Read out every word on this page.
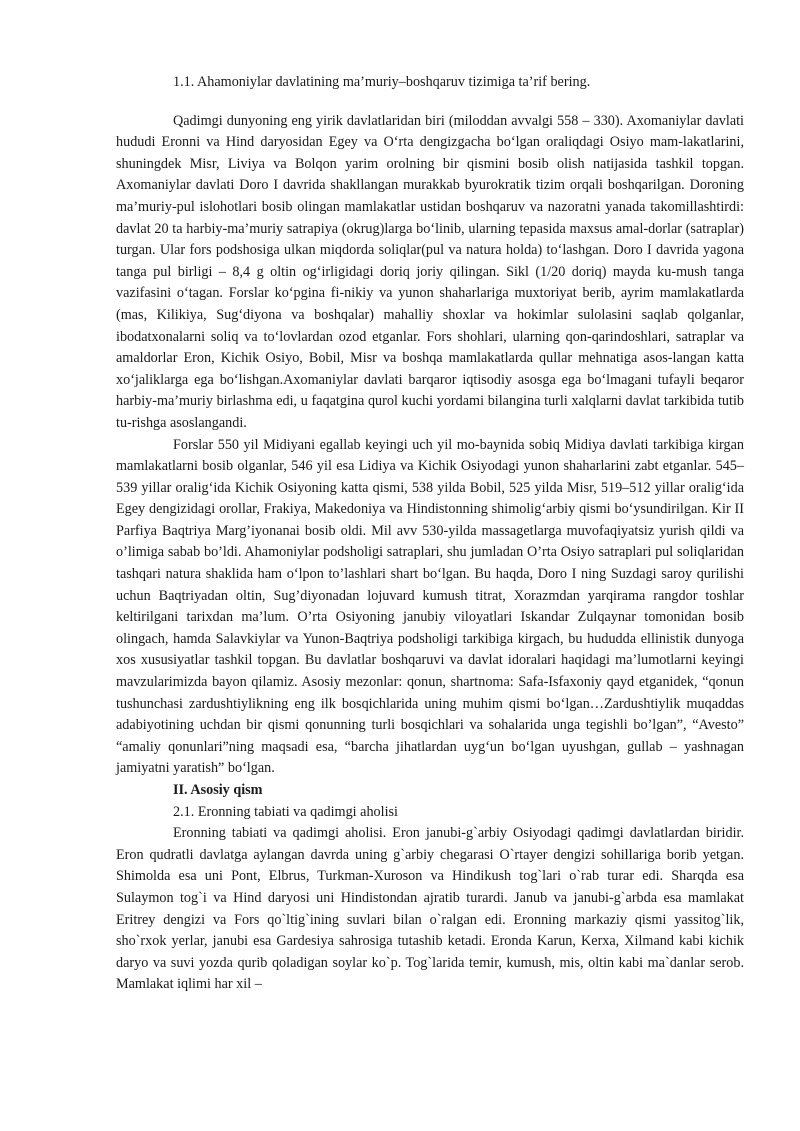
1.1. Ahamoniylar davlatining ma’muriy–boshqaruv tizimiga ta’rif bering.

Qadimgi dunyoning eng yirik davlatlaridan biri (miloddan avvalgi 558 – 330). Axomaniylar davlati hududi Eronni va Hind daryosidan Egey va O‘rta dengizgacha bo‘lgan oraliqdagi Osiyo mam-lakatlarini, shuningdek Misr, Liviya va Bolqon yarim orolning bir qismini bosib olish natijasida tashkil topgan. Axomaniylar davlati Doro I davrida shakllangan murakkab byurokratik tizim orqali boshqarilgan. Doroning ma’muriy-pul islohotlari bosib olingan mamlakatlar ustidan boshqaruv va nazoratni yanada takomillashtirdi: davlat 20 ta harbiy-ma’muriy satrapiya (okrug)larga bo‘linib, ularning tepasida maxsus amal-dorlar (satraplar) turgan. Ular fors podshosiga ulkan miqdorda soliqlar(pul va natura holda) to‘lashgan. Doro I davrida yagona tanga pul birligi – 8,4 g oltin og‘irligidagi doriq joriy qilingan. Sikl (1/20 doriq) mayda ku-mush tanga vazifasini o‘tagan. Forslar ko‘pgina fi-nikiy va yunon shaharlariga muxtoriyat berib, ayrim mamlakatlarda (mas, Kilikiya, Sug‘diyona va boshqalar) mahalliy shoxlar va hokimlar sulolasini saqlab qolganlar, ibodatxonalarni soliq va to‘lovlardan ozod etganlar. Fors shohlari, ularning qon-qarindoshlari, satraplar va amaldorlar Eron, Kichik Osiyo, Bobil, Misr va boshqa mamlakatlarda qullar mehnatiga asos-langan katta xo‘jaliklarga ega bo‘lishgan.Axomaniylar davlati barqaror iqtisodiy asosga ega bo‘lmagani tufayli beqaror harbiy-ma’muriy birlashma edi, u faqatgina qurol kuchi yordami bilangina turli xalqlarni davlat tarkibida tutib tu-rishga asoslangandi.

Forslar 550 yil Midiyani egallab keyingi uch yil mo-baynida sobiq Midiya davlati tarkibiga kirgan mamlakatlarni bosib olganlar, 546 yil esa Lidiya va Kichik Osiyodagi yunon shaharlarini zabt etganlar. 545–539 yillar oralig‘ida Kichik Osiyoning katta qismi, 538 yilda Bobil, 525 yilda Misr, 519–512 yillar oralig‘ida Egey dengizidagi orollar, Frakiya, Makedoniya va Hindistonning shimolig‘arbiy qismi bo‘ysundirilgan. Kir II Parfiya Baqtriya Marg’iyonanai bosib oldi. Mil avv 530-yilda massagetlarga muvofaqiyatsiz yurish qildi va o’limiga sabab bo’ldi. Ahamoniylar podsholigi satraplari, shu jumladan O’rta Osiyo satraplari pul soliqlaridan tashqari natura shaklida ham o‘lpon to’lashlari shart bo‘lgan. Bu haqda, Doro I ning Suzdagi saroy qurilishi uchun Baqtriyadan oltin, Sug’diyonadan lojuvard kumush titrat, Xorazmdan yarqirama rangdor toshlar keltirilgani tarixdan ma’lum. O’rta Osiyoning janubiy viloyatlari Iskandar Zulqaynar tomonidan bosib olingach, hamda Salavkiylar va Yunon-Baqtriya podsholigi tarkibiga kirgach, bu hududda ellinistik dunyoga xos xususiyatlar tashkil topgan. Bu davlatlar boshqaruvi va davlat idoralari haqidagi ma’lumotlarni keyingi mavzularimizda bayon qilamiz. Asosiy mezonlar: qonun, shartnoma: Safa-Isfaxoniy qayd etganidek, “qonun tushunchasi zardushtiylikning eng ilk bosqichlarida uning muhim qismi bo‘lgan…Zardushtiylik muqaddas adabiyotining uchdan bir qismi qonunning turli bosqichlari va sohalarida unga tegishli bo’lgan”, “Avesto” “amaliy qonunlari”ning maqsadi esa, “barcha jihatlardan uyg‘un bo‘lgan uyushgan, gullab – yashnagan jamiyatni yaratish” bo‘lgan.

II. Asosiy qism

2.1. Eronning tabiati va qadimgi aholisi

Eronning tabiati va qadimgi aholisi. Eron janubi-g`arbiy Osiyodagi qadimgi davlatlardan biridir. Eron qudratli davlatga aylangan davrda uning g`arbiy chegarasi O`rtayer dengizi sohillariga borib yetgan. Shimolda esa uni Pont, Elbrus, Turkman-Xuroson va Hindikush tog`lari o`rab turar edi. Sharqda esa Sulaymon tog`i va Hind daryosi uni Hindistondan ajratib turardi. Janub va janubi-g`arbda esa mamlakat Eritrey dengizi va Fors qo`ltig`ining suvlari bilan o`ralgan edi. Eronning markaziy qismi yassitog`lik, sho`rxok yerlar, janubi esa Gardesiya sahrosiga tutashib ketadi. Eronda Karun, Kerxa, Xilmand kabi kichik daryo va suvi yozda qurib qoladigan soylar ko`p. Tog`larida temir, kumush, mis, oltin kabi ma`danlar serob. Mamlakat iqlimi har xil –
